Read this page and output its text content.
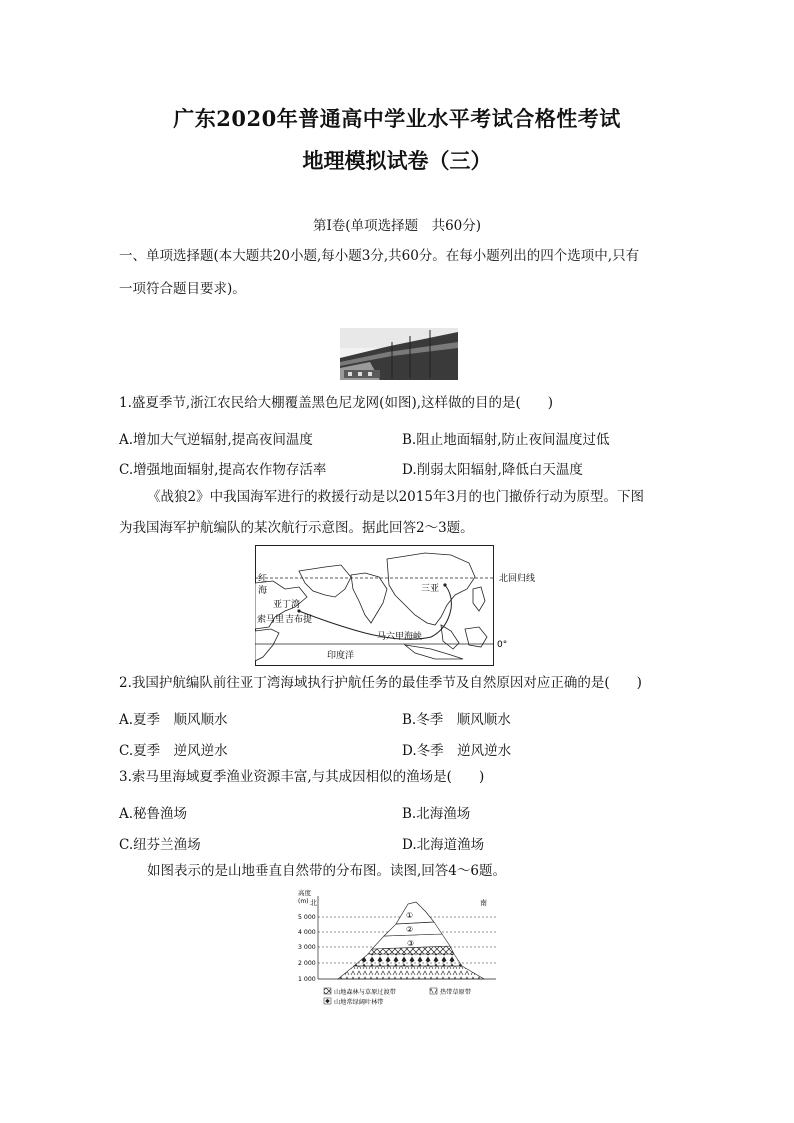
广东2020年普通高中学业水平考试合格性考试
地理模拟试卷（三）
第Ⅰ卷(单项选择题　共60分)
一、单项选择题(本大题共20小题,每小题3分,共60分。在每小题列出的四个选项中,只有
一项符合题目要求)。
1.盛夏季节,浙江农民给大棚覆盖黑色尼龙网(如图),这样做的目的是(　　)
A.增加大气逆辐射,提高夜间温度	B.阻止地面辐射,防止夜间温度过低
C.增强地面辐射,提高农作物存活率	D.削弱太阳辐射,降低白天温度
《战狼2》中我国海军进行的救援行动是以2015年3月的也门撤侨行动为原型。下图
为我国海军护航编队的某次航行示意图。据此回答2～3题。
红
海
亚丁湾
索马里 吉布提
三亚
马六甲海峡
印度洋
北回归线
0°
2.我国护航编队前往亚丁湾海域执行护航任务的最佳季节及自然原因对应正确的是(　　)
A.夏季　顺风顺水	B.冬季　顺风顺水
C.夏季　逆风逆水	D.冬季　逆风逆水
3.索马里海域夏季渔业资源丰富,与其成因相似的渔场是(　　)
A.秘鲁渔场	B.北海渔场
C.纽芬兰渔场	D.北海道渔场
如图表示的是山地垂直自然带的分布图。读图,回答4～6题。
高度
(m) 北	南
5 000
4 000
3 000
2 000
1 000
①
②
③
山地森林与草原过渡带	热带草原带
山地常绿阔叶林带
